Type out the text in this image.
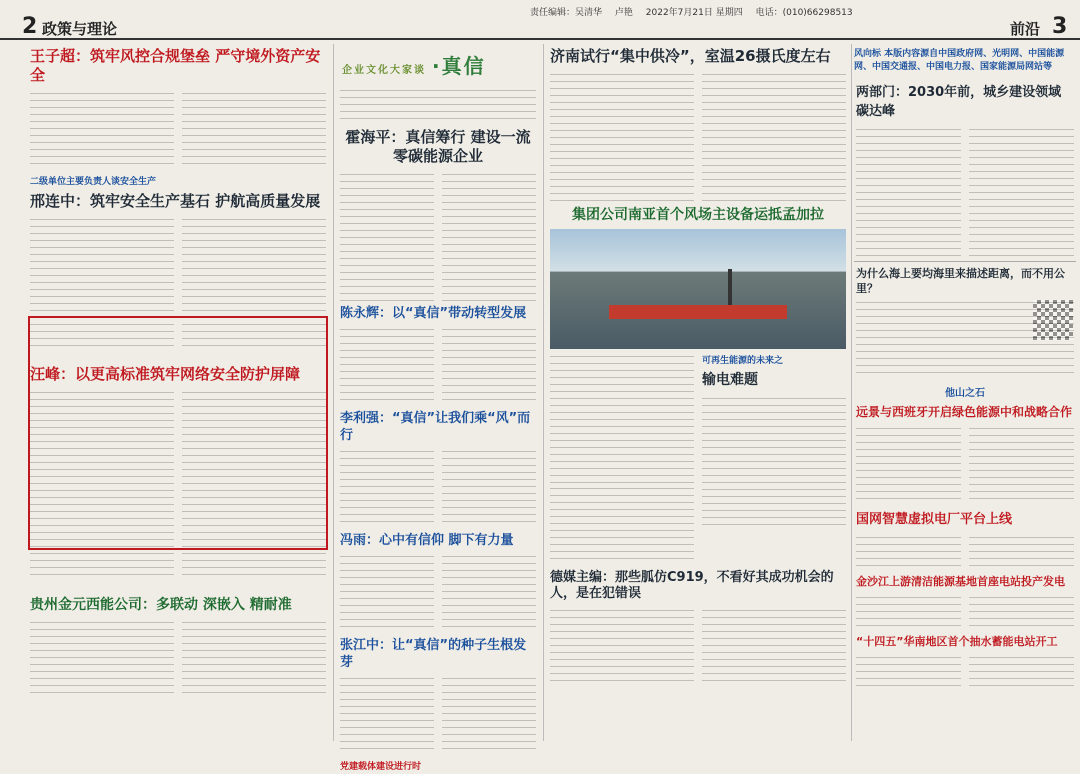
2 政策与理论
责任编辑：吴清华 卢艳 2022年7月21日 星期四 电话：(010)66298513
前沿 3
王子超：筑牢风控合规堡垒 严守境外资产安全
二级单位主要负责人谈安全生产
邢连中：筑牢安全生产基石 护航高质量发展
汪峰：以更高标准筑牢网络安全防护屏障
贵州金元西能公司：多联动 深嵌入 精耐准
企业文化大家谈 ·真信
霍海平：真信筹行 建设一流零碳能源企业
陈永辉：以“真信”带动转型发展
李利强：“真信”让我们乘“风”而行
冯雨：心中有信仰 脚下有力量
张江中：让“真信”的种子生根发芽
党建载体建设进行时
济南试行“集中供冷”，室温26摄氏度左右
集团公司南亚首个风场主设备运抵孟加拉
可再生能源的未来之
输电难题
德媒主编：那些胍仿C919，不看好其成功机会的人，是在犯错误
风向标 本版内容源自中国政府网、光明网、中国能源网、中国交通报、中国电力报、国家能源局网站等
两部门：2030年前，城乡建设领域碳达峰
为什么海上要均海里来描述距离，而不用公里？
他山之石
远景与西班牙开启绿色能源中和战略合作
国网智慧虚拟电厂平台上线
金沙江上游清洁能源基地首座电站投产发电
“十四五”华南地区首个抽水蓄能电站开工
